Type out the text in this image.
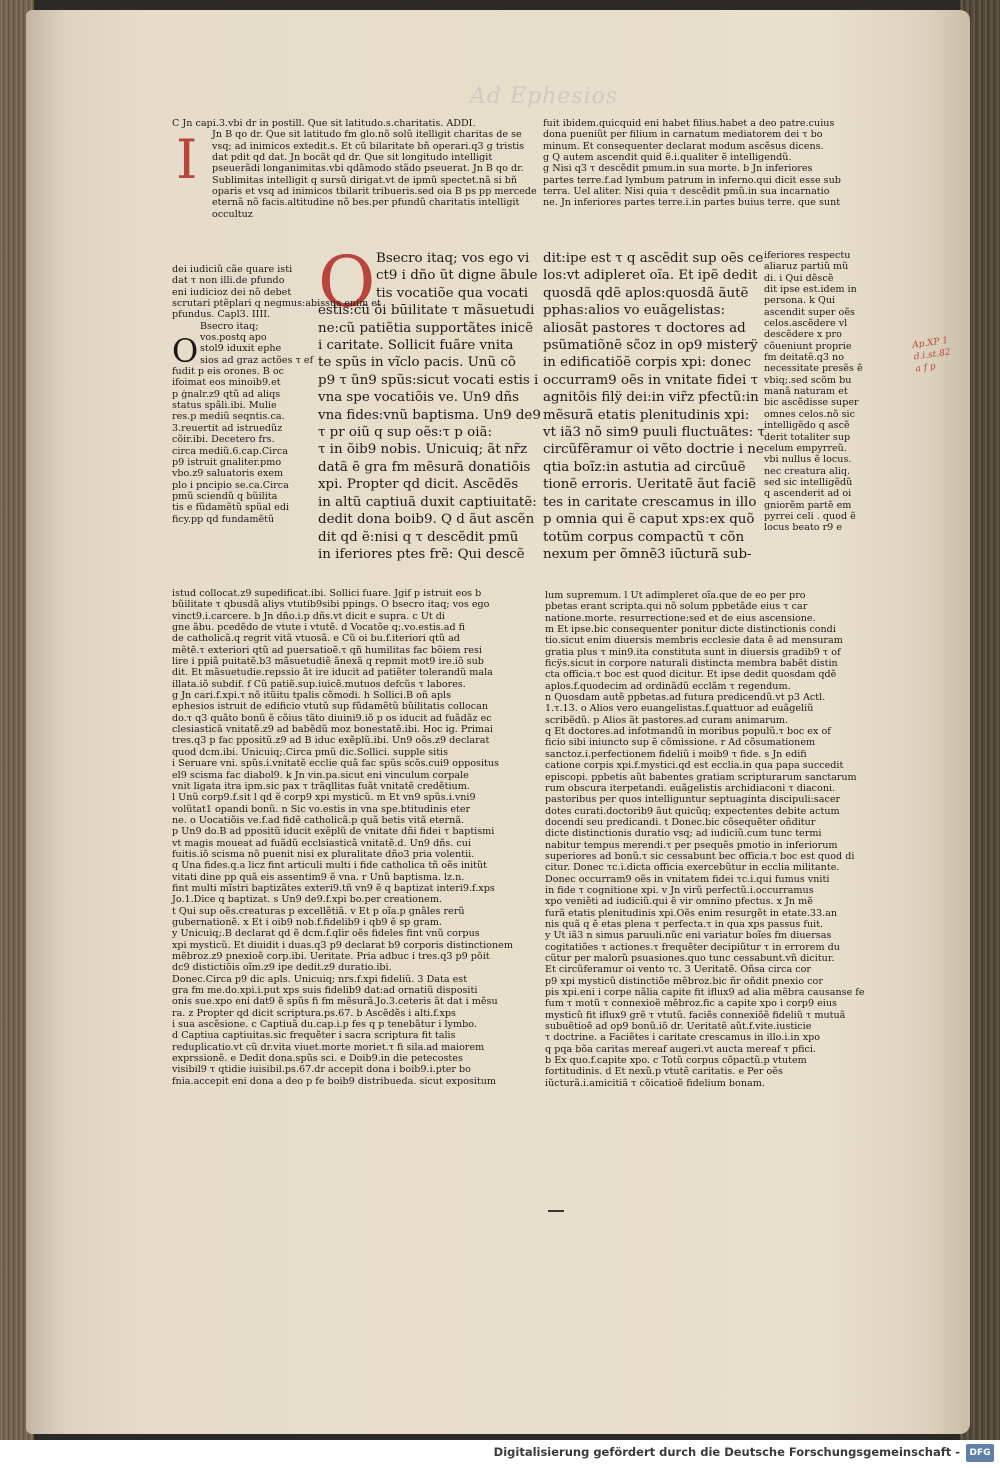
Ad Ephesios
I
O
O
C Jn capi.3.vbi dr in postill. Que sit latitudo.s.charitatis. ADDI.
Jn B qo dr. Que sit latitudo fm glo.nõ solũ itelligit charitas de se vsq; ad inimicos extedit.s. Et cũ bilaritate bñ operari.q3 g tristis dat pdit qd dat. Jn bocãt qd dr. Que sit longitudo intelligit pseuerãdi longanimitas.vbi qdãmodo stãdo pseuerat. Jn B qo dr. Sublimitas intelligit q sursũ dirigat.vt de ipmũ spectet.nã si bñ oparis et vsq ad inimicos tbilarit tribueris.sed oia B ps pp mercede eternã nõ facis.altitudine nõ bes.per pfundũ charitatis intelligit occultuz
dei iudiciũ cãe quare isti
dat τ non illi.de pfundo
eni iudicioz dei nõ debet
scrutari ptẽplari q negmus:abissus enim et
pfundus. Capl3. IIII.
Bsecro itaq;
vos.postq apo
stol9 iduxit ephe
sios ad graz actões τ ef
fudit p eis orones. B oc
ifoimat eos minoib9.et
p ġnalr.z9 qtũ ad aliqs
status spãli.ibi. Mulie
res.p mediũ seqntis.ca.
3.reuertit ad istruedũz
cõir.ibi. Decetero frs.
circa mediũ.6.cap.Circa
p9 istruit gnaliter.pmo
vbo.z9 saluatoris exem
plo i pncipio se.ca.Circa
pmũ sciendũ q bũilita
tis e fũdamẽtũ spũal edi
ficy.pp qd fundamẽtũ
Bsecro itaq; vos ego vi
ct9 i dño ũt digne ãbule
tis vocatiõe qua vocati
estis:cũ õi būilitate τ mãsuetudi
ne:cũ patiẽtia supportãtes inicẽ
i caritate. Sollicit fuãre vnita
te spũs in vĩclo pacis. Unũ cõ
p9 τ ũn9 spũs:sicut vocati estis i
vna spe vocatiõis ve. Un9 dñs
vna fides:vnũ baptisma. Un9 de9
τ pr oiũ q sup oẽs:τ p oiã:
τ in õib9 nobis. Unicuiq; ãt nr̃z
datã ẽ gra fm mẽsurã donatiõis
xpi. Propter qd dicit. Ascẽdẽs
in altũ captiuã duxit captiuitatẽ:
dedit dona boib9. Q d ãut ascẽn
dit qd ẽ:nisi q τ descẽdit pmũ
in iferiores ptes frẽ: Qui descẽ
dit:ipe est τ q ascẽdit sup oẽs ce
los:vt adipleret oĩa. Et ipẽ dedit
quosdã qdẽ aplos:quosdã ãutẽ
pphas:alios vo euãgelistas:
aliosãt pastores τ doctores ad
psũmatiõnẽ sc̃oz in op9 misterÿ
in edificatiõẽ corpis xpi: donec
occurram9 oẽs in vnitate fidei τ
agnitõis filÿ dei:in vir̃z pfectũ:in
mẽsurã etatis plenitudinis xpi:
vt iã3 nõ sim9 puuli fluctuãtes: τ
circũfẽramur oi vẽto doctrie i ne
qtia boĩz:in astutia ad circũuẽ
tionẽ erroris. Ueritatẽ ãut faciẽ
tes in caritate crescamus in illo
p omnia qui ẽ caput xps:ex quõ
totũm corpus compactũ τ cõn
nexum per õmnẽ3 iũcturã sub-
istud collocat.z9 supedificat.ibi. Sollici fuare. Jgif p istruit eos b
bũilitate τ qbusdã aliys vtutib9sibi ppings. O bsecro itaq; vos ego
vinct9.i.carcere. b Jn dño.i.p dñs.vt dicit e supra. c Ut di
gne ãbu. pcedẽdo de vtute i vtutẽ. d Vocatõe q;.vo.estis.ad fi
de catholicã.q regrit vitã vtuosã. e Cũ oi bu.f.iteriori qtũ ad
mẽtẽ.τ exteriori qtũ ad puersatioẽ.τ qñ humilitas fac bõiem resi
lire i ppiã puitatẽ.b3 mãsuetudiẽ ãnexã q repmit mot9 ire.iõ sub
dit. Et mãsuetudie.repssio ãt ire iducit ad patiẽter tolerandũ mala
illata.iõ subdif. f Cũ patiẽ.sup.iuicẽ.mutuos defcũs τ labores.
g Jn cari.f.xpi.τ nõ itũitu tpalis cõmodi. h Sollici.B oñ apls
ephesios istruit de edificio vtutũ sup fũdamẽtũ bũilitatis collocan
do.τ q3 quãto bonũ ẽ cõius tãto diuini9.iõ p os iducit ad fuãdãz ec
clesiasticã vnitatẽ.z9 ad babẽdũ moz bonestatẽ.ibi. Hoc ig. Primai
tres.q3 p fac ppositũ.z9 ad B iduc exẽplũ.ibi. Un9 oõs.z9 declarat
quod dcm.ibi. Unicuiq;.Circa pmũ dic.Sollici. supple sitis
i Seruare vni. spũs.i.vnitatẽ ecclie quã fac spũs scõs.cui9 oppositus
el9 scisma fac diabol9. k Jn vin.pa.sicut eni vinculum corpale
vnit ligata itra ipm.sic pax τ trãqllitas fuãt vnitatẽ credẽtium.
l Unũ corp9.f.sit l qd ẽ corp9 xpi mysticũ. m Et vn9 spũs.i.vni9
volũtat1 opandi bonũ. n Sic vo.estis in vna spe.btitudinis eter
ne. o Uocatiõis ve.f.ad fidẽ catholicã.p quã betis vitã eternã.
p Un9 do.B ad ppositũ iducit exẽplũ de vnitate dñi fidei τ baptismi
vt magis moueat ad fuãdũ ecclsiasticã vnitatẽ.d. Un9 dñs. cui
fuitis.iõ scisma nõ puenit nisi ex pluralitate dño3 pria volentii.
q Una fides.q.a licz fint articuli multi i fide catholica tñ oẽs initũt
vitati dine pp quã eis assentim9 ẽ vna. r Unũ baptisma. lz.n.
fint multi mĩstri baptizãtes exteri9.tñ vn9 ẽ q baptizat interi9.f.xps
Jo.1.Dice q baptizat. s Un9 de9.f.xpi bo.per creationem.
t Qui sup oẽs.creaturas p excellẽtiã. v Et p oĩa.p gnãles rerũ
gubernationẽ. x Et i oib9 nob.f.fidelib9 i qb9 ẽ sp gram.
y Unicuiq;.B declarat qd ẽ dcm.f.qlir oẽs fideles fint vnũ corpus
xpi mysticũ. Et diuidit i duas.q3 p9 declarat b9 corporis distinctionem
mẽbroz.z9 pnexioẽ corp.ibi. Ueritate. Pria adbuc i tres.q3 p9 põit
dc9 distictiõis oĩm.z9 ipe dedit.z9 duratio.ibi.
Donec.Circa p9 dic apls. Unicuiq; nrs.f.xpi fideliũ. 3 Data est
gra fm me.do.xpi.i.put xps suis fidelib9 dat:ad ornatiũ dispositi
onis sue.xpo eni dat9 ẽ spũs fi fm mẽsurã.Jo.3.ceteris ãt dat i mẽsu
ra. z Propter qd dicit scriptura.ps.67. b Ascẽdẽs i alti.f.xps
i sua ascẽsione. c Captiuã du.cap.i.p fes q p tenebãtur i lymbo.
d Captiua captiuitas.sic frequẽter i sacra scriptura fit talis
reduplicatio.vt cũ dr.vita viuet.morte moriet.τ fi sila.ad maiorem
exprssionẽ. e Dedit dona.spũs sci. e Doib9.in die petecostes
visibil9 τ qtidie iuisibil.ps.67.dr accepit dona i boib9.i.pter bo
fnia.accepit eni dona a deo p fe boib9 distribueda. sicut expositum
fuit ibidem.quicquid eni habet filius.habet a deo patre.cuius
dona pueniũt per filium in carnatum mediatorem dei τ bo
minum. Et consequenter declarat modum ascẽsus dicens.
g Q autem ascendit quid ẽ.i.qualiter ẽ intelligendũ.
g Nisi q3 τ descẽdit pmum.in sua morte. b Jn inferiores
partes terre.f.ad lymbum patrum in inferno.qui dicit esse sub
terra. Uel aliter. Nisi quia τ descẽdit pmũ.in sua incarnatio
ne. Jn inferiores partes terre.i.in partes buius terre. que sunt
iferiores respectu
aliaruz partiũ mũ
di. i Qui dẽscẽ
dit ipse est.idem in
persona. k Qui
ascendit super oẽs
celos.ascẽdere vl
descẽdere x pro
cõueniunt proprie
fm deitatẽ.q3 no
necessitate presẽs ẽ
vbiq;.sed scõm bu
manã naturam et
bic ascẽdisse super
omnes celos.nõ sic
intelligẽdo q ascẽ
derit totaliter sup
celum empyrreũ.
vbi nullus ẽ locus.
nec creatura aliq.
sed sic intelligẽdũ
q ascenderit ad oi
gniorẽm partẽ em
pyrrei celi . quod ẽ
locus beato r9 e
lum supremum. l Ut adimpleret oĩa.que de eo per pro
pbetas erant scripta.qui nõ solum ppbetãde eius τ car
natione.morte. resurrectione:sed et de eius ascensione.
m Et ipse.bic consequenter ponitur dicte distinctionis condi
tio.sicut enim diuersis membris ecclesie data ẽ ad mensuram
gratia plus τ min9.ita constituta sunt in diuersis gradib9 τ of
ficÿs.sicut in corpore naturali distincta membra babẽt distin
cta officia.τ boc est quod dicitur. Et ipse dedit quosdam qdẽ
aplos.f.quodecim ad ordinãdũ ecclãm τ regendum.
n Quosdam autẽ ppbetas.ad futura predicendũ.vt p3 Actl.
1.τ.13. o Alios vero euangelistas.f.quattuor ad euãgeliũ
scribẽdũ. p Alios ãt pastores.ad curam animarum.
q Et doctores.ad infotmandũ in moribus populũ.τ boc ex of
ficio sibi iniuncto sup ẽ cõmissione. r Ad cõsumationem
sanctoz.i.perfectionem fideliũ i moib9 τ fide. s Jn edifi
catione corpis xpi.f.mystici.qd est ecclia.in qua papa succedit
episcopi. ppbetis aũt babentes gratiam scripturarum sanctarum
rum obscura iterpetandi. euãgelistis archidiaconi τ diaconi.
pastoribus per quos intelliguntur septuaginta discipuli:sacer
dotes curati.doctorib9 ãut quicũq; expectentes debite actum
docendi seu predicandi. t Donec.bic cõsequẽter oñditur
dicte distinctionis duratio vsq; ad iudiciũ.cum tunc termi
nabitur tempus merendi.τ per psequẽs pmotio in inferiorum
superiores ad bonũ.τ sic cessabunt bec officia.τ boc est quod di
citur. Donec τc.i.dicta officia exercebũtur in ecclia militante.
Donec occurram9 oẽs in vnitatem fidei τc.i.qui fumus vniti
in fide τ cognitione xpi. v Jn virũ perfectũ.i.occurramus
xpo veniẽti ad iudiciũ.qui ẽ vir omnino pfectus. x Jn mẽ
furã etatis plenitudinis xpi.Oẽs enim resurgẽt in etate.33.an
nis quã q ẽ etas plena τ perfecta.τ in qua xps passus fuit.
y Ut iã3 n simus paruuli.nũc eni variatur boĩes fm diuersas
cogitatiões τ actiones.τ frequẽter decipiũtur τ in errorem du
cũtur per malorũ psuasiones.quo tunc cessabunt.vñ dicitur.
Et circũferamur oi vento τc. 3 Ueritatẽ. Oñsa circa cor
p9 xpi mysticũ distinctiõe mẽbroz.bic ñr oñdit pnexio cor
pis xpi.eni i corpe nãlia capite fit iflux9 ad alia mẽbra causanse fe
fum τ motũ τ connexioẽ mẽbroz.fic a capite xpo i corp9 eius
mysticũ fit iflux9 grẽ τ vtutũ. faciẽs connexiõẽ fideliũ τ mutuã
subuẽtioẽ ad op9 bonũ.iõ dr. Ueritatẽ aũt.f.vite.iusticie
τ doctrine. a Faciẽtes i caritate crescamus in illo.i.in xpo
q pqa bõa caritas mereaf augeri.vt aucta mereaf τ pfici.
b Ex quo.f.capite xpo. c Totũ corpus cõpactũ.p vtutem
fortitudinis. d Et nexũ.p vtutẽ caritatis. e Per oẽs
iũcturã.i.amicitiã τ cõicatioẽ fidelium bonam.
Ap.XP 1
d.i.st.82
a f p
Digitalisierung gefördert durch die Deutsche Forschungsgemeinschaft -	DFG
